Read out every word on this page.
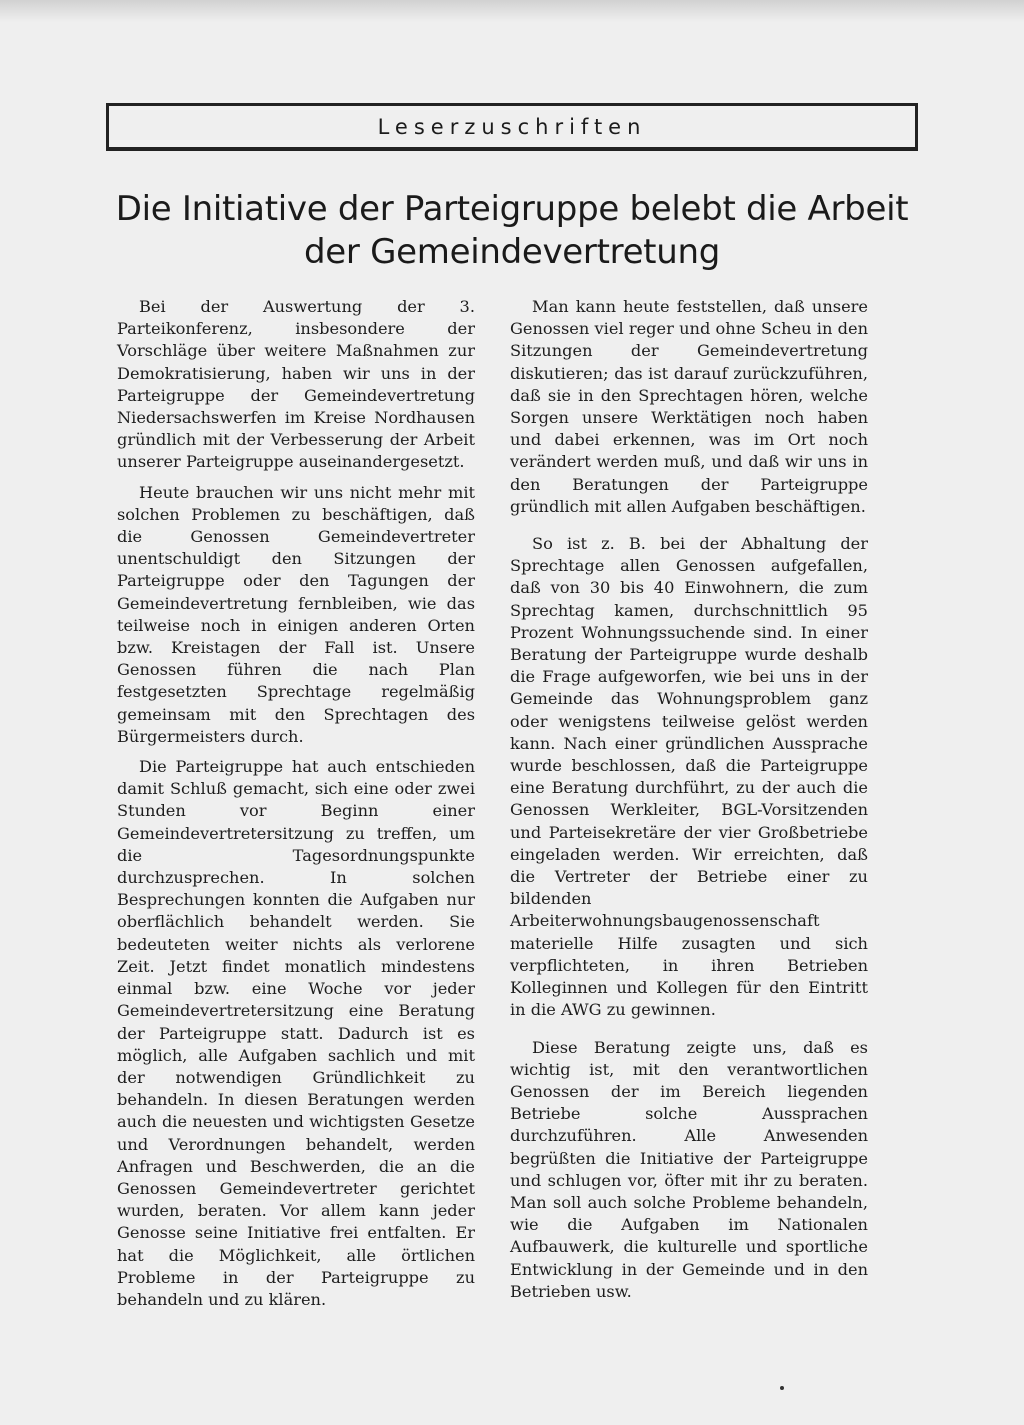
Leserzuschriften
Die Initiative der Parteigruppe belebt die Arbeit
der Gemeindevertretung

Bei der Auswertung der 3. Parteikonferenz, insbesondere der Vorschläge über weitere Maßnahmen zur Demokratisierung, haben wir uns in der Parteigruppe der Gemeindevertretung Niedersachswerfen im Kreise Nordhausen gründlich mit der Verbesserung der Arbeit unserer Parteigruppe auseinandergesetzt.

Heute brauchen wir uns nicht mehr mit solchen Problemen zu beschäftigen, daß die Genossen Gemeindevertreter unentschuldigt den Sitzungen der Parteigruppe oder den Tagungen der Gemeindevertretung fernbleiben, wie das teilweise noch in einigen anderen Orten bzw. Kreistagen der Fall ist. Unsere Genossen führen die nach Plan festgesetzten Sprechtage regelmäßig gemeinsam mit den Sprechtagen des Bürgermeisters durch.

Die Parteigruppe hat auch entschieden damit Schluß gemacht, sich eine oder zwei Stunden vor Beginn einer Gemeindevertretersitzung zu treffen, um die Tagesordnungspunkte durchzusprechen. In solchen Besprechungen konnten die Aufgaben nur oberflächlich behandelt werden. Sie bedeuteten weiter nichts als verlorene Zeit. Jetzt findet monatlich mindestens einmal bzw. eine Woche vor jeder Gemeindevertretersitzung eine Beratung der Parteigruppe statt. Dadurch ist es möglich, alle Aufgaben sachlich und mit der notwendigen Gründlichkeit zu behandeln. In diesen Beratungen werden auch die neuesten und wichtigsten Gesetze und Verordnungen behandelt, werden Anfragen und Beschwerden, die an die Genossen Gemeindevertreter gerichtet wurden, beraten. Vor allem kann jeder Genosse seine Initiative frei entfalten. Er hat die Möglichkeit, alle örtlichen Probleme in der Parteigruppe zu behandeln und zu klären.

Man kann heute feststellen, daß unsere Genossen viel reger und ohne Scheu in den Sitzungen der Gemeindevertretung diskutieren; das ist darauf zurückzuführen, daß sie in den Sprechtagen hören, welche Sorgen unsere Werktätigen noch haben und dabei erkennen, was im Ort noch verändert werden muß, und daß wir uns in den Beratungen der Parteigruppe gründlich mit allen Aufgaben beschäftigen.

So ist z. B. bei der Abhaltung der Sprechtage allen Genossen aufgefallen, daß von 30 bis 40 Einwohnern, die zum Sprechtag kamen, durchschnittlich 95 Prozent Wohnungssuchende sind. In einer Beratung der Parteigruppe wurde deshalb die Frage aufgeworfen, wie bei uns in der Gemeinde das Wohnungsproblem ganz oder wenigstens teilweise gelöst werden kann. Nach einer gründlichen Aussprache wurde beschlossen, daß die Parteigruppe eine Beratung durchführt, zu der auch die Genossen Werkleiter, BGL-Vorsitzenden und Parteisekretäre der vier Großbetriebe eingeladen werden. Wir erreichten, daß die Vertreter der Betriebe einer zu bildenden Arbeiterwohnungsbaugenossenschaft materielle Hilfe zusagten und sich verpflichteten, in ihren Betrieben Kolleginnen und Kollegen für den Eintritt in die AWG zu gewinnen.

Diese Beratung zeigte uns, daß es wichtig ist, mit den verantwortlichen Genossen der im Bereich liegenden Betriebe solche Aussprachen durchzuführen. Alle Anwesenden begrüßten die Initiative der Parteigruppe und schlugen vor, öfter mit ihr zu beraten. Man soll auch solche Probleme behandeln, wie die Aufgaben im Nationalen Aufbauwerk, die kulturelle und sportliche Entwicklung in der Gemeinde und in den Betrieben usw.
